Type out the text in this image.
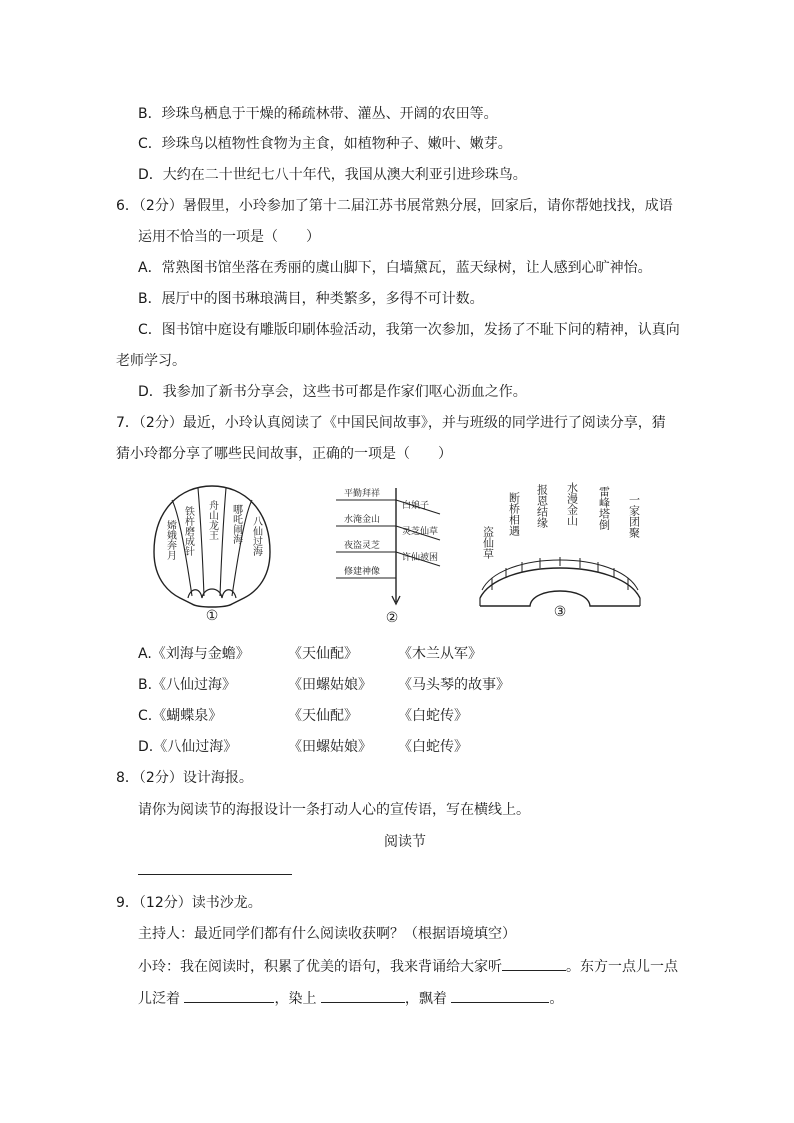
B．珍珠鸟栖息于干燥的稀疏林带、灌丛、开阔的农田等。
C．珍珠鸟以植物性食物为主食，如植物种子、嫩叶、嫩芽。
D．大约在二十世纪七八十年代，我国从澳大利亚引进珍珠鸟。
6．（2分）暑假里，小玲参加了第十二届江苏书展常熟分展，回家后，请你帮她找找，成语
运用不恰当的一项是（　　）
A．常熟图书馆坐落在秀丽的虞山脚下，白墙黛瓦，蓝天绿树，让人感到心旷神怡。
B．展厅中的图书琳琅满目，种类繁多，多得不可计数。
C．图书馆中庭设有雕版印刷体验活动，我第一次参加，发扬了不耻下问的精神，认真向
老师学习。
D．我参加了新书分享会，这些书可都是作家们呕心沥血之作。
7．（2分）最近，小玲认真阅读了《中国民间故事》，并与班级的同学进行了阅读分享，猜
猜小玲都分享了哪些民间故事，正确的一项是（　　）
嫦娥奔月 铁杵磨成针 舟山龙王 哪吒闹海 八仙过海
①
平勤拜祥
水淹金山
夜盗灵芝
修建神像
白娘子
灵芝仙草
许仙被困
②
盗仙草
断桥相遇 报恩结缘 水漫金山 雷峰塔倒 一家团聚
③
A.《刘海与金蟾》	《天仙配》	《木兰从军》
B.《八仙过海》	《田螺姑娘》 《马头琴的故事》
C.《蝴蝶泉》	《天仙配》	《白蛇传》
D.《八仙过海》	《田螺姑娘》 《白蛇传》
8．（2分）设计海报。
请你为阅读节的海报设计一条打动人心的宣传语，写在横线上。
阅读节
9．（12分）读书沙龙。
主持人：最近同学们都有什么阅读收获啊？（根据语境填空）
小玲：我在阅读时，积累了优美的语句，我来背诵给大家听	。东方一点儿一点
儿泛着	，染上	，飘着	。
